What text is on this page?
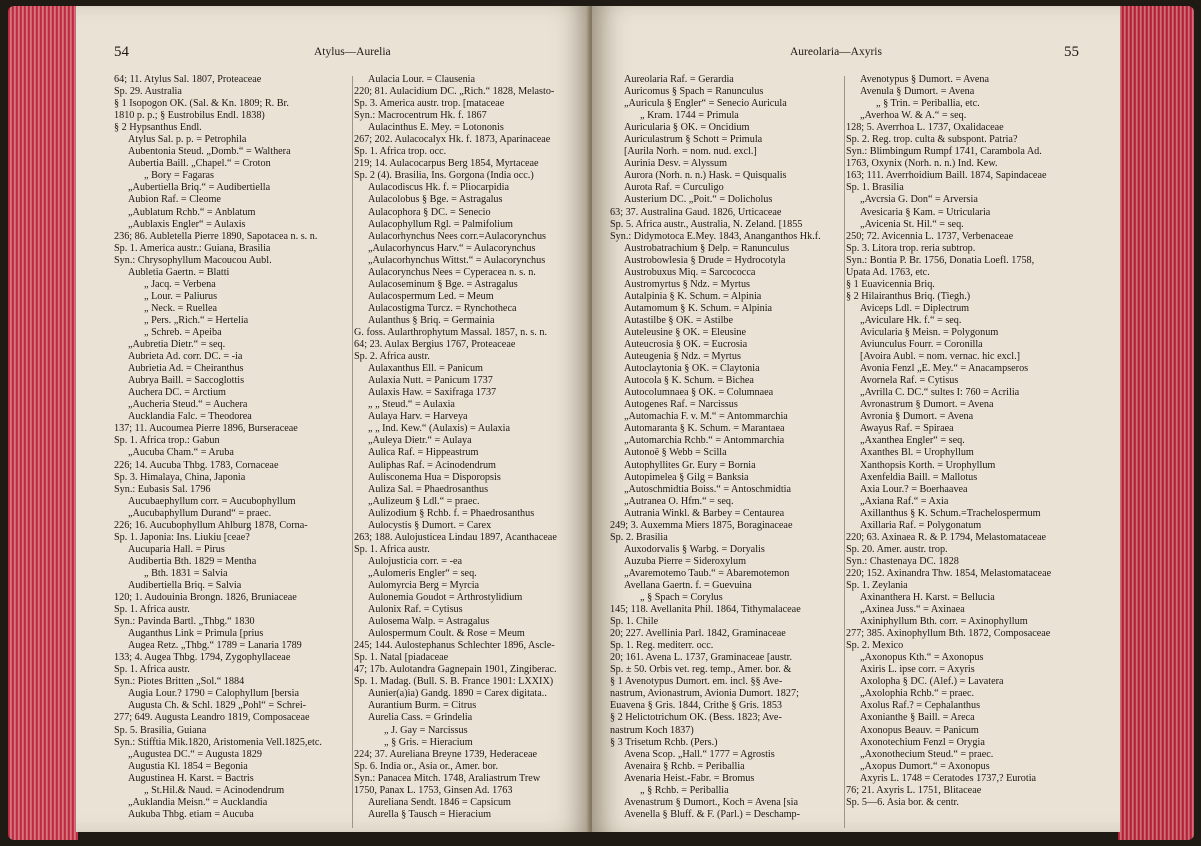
54	Atylus—Aurelia
64; 11. Atylus Sal. 1807, Proteaceae
Sp. 29. Australia
§ 1 Isopogon OK. (Sal. & Kn. 1809; R. Br.
1810 p. p.; § Eustrobilus Endl. 1838)
§ 2 Hypsanthus Endl.
Atylus Sal. p. p. = Petrophila
Aubentonia Steud. „Domb.“ = Walthera
Aubertia Baill. „Chapel.“ = Croton
„ Bory = Fagaras
„Aubertiella Briq.“ = Audibertiella
Aubion Raf. = Cleome
„Aublatum Rchb.“ = Anblatum
„Aublaxis Engler“ = Aulaxis
236; 86. Aubletella Pierre 1890, Sapotacea n. s. n.
Sp. 1. America austr.: Guiana, Brasilia
Syn.: Chrysophyllum Macoucou Aubl.
Aubletia Gaertn. = Blatti
„ Jacq. = Verbena
„ Lour. = Paliurus
„ Neck. = Ruellea
„ Pers. „Rich.“ = Hertelia
„ Schreb. = Apeiba
„Aubretia Dietr.“ = seq.
Aubrieta Ad. corr. DC. = -ia
Aubrietia Ad. = Cheiranthus
Aubrya Baill. = Saccoglottis
Auchera DC. = Arctium
„Aucheria Steud.“ = Auchera
Aucklandia Falc. = Theodorea
137; 11. Aucoumea Pierre 1896, Burseraceae
Sp. 1. Africa trop.: Gabun
„Aucuba Cham.“ = Aruba
226; 14. Aucuba Thbg. 1783, Cornaceae
Sp. 3. Himalaya, China, Japonia
Syn.: Eubasis Sal. 1796
Aucubaephyllum corr. = Aucubophyllum
„Aucubaphyllum Durand“ = praec.
226; 16. Aucubophyllum Ahlburg 1878, Corna-
Sp. 1. Japonia: Ins. Liukiu [ceae?
Aucuparia Hall. = Pirus
Audibertia Bth. 1829 = Mentha
„ Bth. 1831 = Salvia
Audibertiella Briq. = Salvia
120; 1. Audouinia Brongn. 1826, Bruniaceae
Sp. 1. Africa austr.
Syn.: Pavinda Bartl. „Thbg.“ 1830
Auganthus Link = Primula [prius
Augea Retz. „Thbg.“ 1789 = Lanaria 1789
133; 4. Augea Thbg. 1794, Zygophyllaceae
Sp. 1. Africa austr.
Syn.: Piotes Britten „Sol.“ 1884
Augia Lour.? 1790 = Calophyllum [bersia
Augusta Ch. & Schl. 1829 „Pohl“ = Schrei-
277; 649. Augusta Leandro 1819, Composaceae
Sp. 5. Brasilia, Guiana
Syn.: Stifftia Mik.1820, Aristomenia Vell.1825,etc.
„Augustea DC.“ = Augusta 1829
Augustia Kl. 1854 = Begonia
Augustinea H. Karst. = Bactris
„ St.Hil.& Naud. = Acinodendrum
„Auklandia Meisn.“ = Aucklandia
Aukuba Thbg. etiam = Aucuba
Aulacia Lour. = Clausenia
220; 81. Aulacidium DC. „Rich.“ 1828, Melasto-
Sp. 3. America austr. trop. [mataceae
Syn.: Macrocentrum Hk. f. 1867
Aulacinthus E. Mey. = Lotononis
267; 202. Aulacocalyx Hk. f. 1873, Aparinaceae
Sp. 1. Africa trop. occ.
219; 14. Aulacocarpus Berg 1854, Myrtaceae
Sp. 2 (4). Brasilia, Ins. Gorgona (India occ.)
Aulacodiscus Hk. f. = Pliocarpidia
Aulacolobus § Bge. = Astragalus
Aulacophora § DC. = Senecio
Aulacophyllum Rgl. = Palmifolium
Aulacorhynchus Nees corr.=Aulacorynchus
„Aulacorhyncus Harv.“ = Aulacorynchus
„Aulacorhynchus Wittst.“ = Aulacorynchus
Aulacorynchus Nees = Cyperacea n. s. n.
Aulacoseminum § Bge. = Astragalus
Aulacospermum Led. = Meum
Aulacostigma Turcz. = Rynchotheca
Aulanthus § Briq. = Germainia
G. foss. Aularthrophytum Massal. 1857, n. s. n.
64; 23. Aulax Bergius 1767, Proteaceae
Sp. 2. Africa austr.
Aulaxanthus Ell. = Panicum
Aulaxia Nutt. = Panicum 1737
Aulaxis Haw. = Saxifraga 1737
„ „ Steud.“ = Aulaxia
Aulaya Harv. = Harveya
„ „ Ind. Kew.“ (Aulaxis) = Aulaxia
„Auleya Dietr.“ = Aulaya
Aulica Raf. = Hippeastrum
Auliphas Raf. = Acinodendrum
Aulisconema Hua = Disporopsis
Auliza Sal. = Phaedrosanthus
„Aulizeum § Ldl.“ = praec.
Aulizodium § Rchb. f. = Phaedrosanthus
Aulocystis § Dumort. = Carex
263; 188. Aulojusticea Lindau 1897, Acanthaceae
Sp. 1. Africa austr.
Aulojusticia corr. = -ea
„Aulomeris Engler“ = seq.
Aulomyrcia Berg = Myrcia
Aulonemia Goudot = Arthrostylidium
Aulonix Raf. = Cytisus
Aulosema Walp. = Astragalus
Aulospermum Coult. & Rose = Meum
245; 144. Aulostephanus Schlechter 1896, Ascle-
Sp. 1. Natal [piadaceae
47; 17b. Aulotandra Gagnepain 1901, Zingiberac.
Sp. 1. Madag. (Bull. S. B. France 1901: LXXIX)
Aunier(a)ia) Gandg. 1890 = Carex digitata..
Aurantium Burm. = Citrus
Aurelia Cass. = Grindelia
„ J. Gay = Narcissus
„ § Gris. = Hieracium
224; 37. Aureliana Breyne 1739, Hederaceae
Sp. 6. India or., Asia or., Amer. bor.
Syn.: Panacea Mitch. 1748, Araliastrum Trew
1750, Panax L. 1753, Ginsen Ad. 1763
Aureliana Sendt. 1846 = Capsicum
Aurella § Tausch = Hieracium
Aureolaria—Axyris	55
Aureolaria Raf. = Gerardia
Auricomus § Spach = Ranunculus
„Auricula § Engler“ = Senecio Auricula
„ Kram. 1744 = Primula
Auricularia § OK. = Oncidium
Auriculastrum § Schott = Primula
[Aurila Norh. = nom. nud. excl.]
Aurinia Desv. = Alyssum
Aurora (Norh. n. n.) Hask. = Quisqualis
Aurota Raf. = Curculigo
Austerium DC. „Poit.“ = Dolicholus
63; 37. Australina Gaud. 1826, Urticaceae
Sp. 5. Africa austr., Australia, N. Zeland. [1855
Syn.: Didymotoca E.Mey. 1843, Ananganthos Hk.f.
Austrobatrachium § Delp. = Ranunculus
Austrobowlesia § Drude = Hydrocotyla
Austrobuxus Miq. = Sarcococca
Austromyrtus § Ndz. = Myrtus
Autalpinia § K. Schum. = Alpinia
Autamomum § K. Schum. = Alpinia
Autastilbe § OK. = Astilbe
Auteleusine § OK. = Eleusine
Auteucrosia § OK. = Eucrosia
Auteugenia § Ndz. = Myrtus
Autoclaytonia § OK. = Claytonia
Autocola § K. Schum. = Bichea
Autocolumnaea § OK. = Columnaea
Autogenes Raf. = Narcissus
„Automachia F. v. M.“ = Antommarchia
Automaranta § K. Schum. = Marantaea
„Automarchia Rchb.“ = Antommarchia
Autonoë § Webb = Scilla
Autophyllites Gr. Eury = Bornia
Autopimelea § Gilg = Banksia
„Autoschmidtia Boiss.“ = Antoschmidtia
„Autranea O. Hfm.“ = seq.
Autrania Winkl. & Barbey = Centaurea
249; 3. Auxemma Miers 1875, Boraginaceae
Sp. 2. Brasilia
Auxodorvalis § Warbg. = Doryalis
Auzuba Pierre = Sideroxylum
„Avaremotemo Taub.“ = Abaremotemon
Avellana Gaertn. f. = Guevuina
„ § Spach = Corylus
145; 118. Avellanita Phil. 1864, Tithymalaceae
Sp. 1. Chile
20; 227. Avellinia Parl. 1842, Graminaceae
Sp. 1. Reg. mediterr. occ.
20; 161. Avena L. 1737, Graminaceae [austr.
Sp. ± 50. Orbis vet. reg. temp., Amer. bor. &
§ 1 Avenotypus Dumort. em. incl. §§ Ave-
nastrum, Avionastrum, Avionia Dumort. 1827;
Euavena § Gris. 1844, Crithe § Gris. 1853
§ 2 Helictotrichum OK. (Bess. 1823; Ave-
nastrum Koch 1837)
§ 3 Trisetum Rchb. (Pers.)
Avena Scop. „Hall.“ 1777 = Agrostis
Avenaira § Rchb. = Periballia
Avenaria Heist.-Fabr. = Bromus
„ § Rchb. = Periballia
Avenastrum § Dumort., Koch = Avena [sia
Avenella § Bluff. & F. (Parl.) = Deschamp-
Avenotypus § Dumort. = Avena
Avenula § Dumort. = Avena
„ § Trin. = Periballia, etc.
„Averhoa W. & A.“ = seq.
128; 5. Averrhoa L. 1737, Oxalidaceae
Sp. 2. Reg. trop. culta & subspont. Patria?
Syn.: Blimbingum Rumpf 1741, Carambola Ad.
1763, Oxynix (Norh. n. n.) Ind. Kew.
163; 111. Averrhoidium Baill. 1874, Sapindaceae
Sp. 1. Brasilia
„Avcrsia G. Don“ = Arversia
Avesicaria § Kam. = Utricularia
„Avicenia St. Hil.“ = seq.
250; 72. Avicennia L. 1737, Verbenaceae
Sp. 3. Litora trop. reria subtrop.
Syn.: Bontia P. Br. 1756, Donatia Loefl. 1758,
Upata Ad. 1763, etc.
§ 1 Euavicennia Briq.
§ 2 Hilairanthus Briq. (Tiegh.)
Aviceps Ldl. = Diplectrum
„Aviculare Hk. f.“ = seq.
Avicularia § Meisn. = Polygonum
Aviunculus Fourr. = Coronilla
[Avoira Aubl. = nom. vernac. hic excl.]
Avonia Fenzl „E. Mey.“ = Anacampseros
Avornela Raf. = Cytisus
„Avrilla C. DC.“ sultes I: 760 = Acrilia
Avronastrum § Dumort. = Avena
Avronia § Dumort. = Avena
Awayus Raf. = Spiraea
„Axanthea Engler“ = seq.
Axanthes Bl. = Urophyllum
Xanthopsis Korth. = Urophyllum
Axenfeldia Baill. = Mallotus
Axia Lour.? = Boerhaavea
„Axiana Raf.“ = Axia
Axillanthus § K. Schum.=Trachelospermum
Axillaria Raf. = Polygonatum
220; 63. Axinaea R. & P. 1794, Melastomataceae
Sp. 20. Amer. austr. trop.
Syn.: Chastenaya DC. 1828
220; 152. Axinandra Thw. 1854, Melastomataceae
Sp. 1. Zeylania
Axinanthera H. Karst. = Bellucia
„Axinea Juss.“ = Axinaea
Axiniphyllum Bth. corr. = Axinophyllum
277; 385. Axinophyllum Bth. 1872, Composaceae
Sp. 2. Mexico
„Axonopus Kth.“ = Axonopus
Axiris L. ipse corr. = Axyris
Axolopha § DC. (Alef.) = Lavatera
„Axolophia Rchb.“ = praec.
Axolus Raf.? = Cephalanthus
Axonianthe § Baill. = Areca
Axonopus Beauv. = Panicum
Axonotechium Fenzl = Orygia
„Axonothecium Steud.“ = praec.
„Axopus Dumort.“ = Axonopus
Axyris L. 1748 = Ceratodes 1737,? Eurotia
76; 21. Axyris L. 1751, Blitaceae
Sp. 5—6. Asia bor. & centr.
